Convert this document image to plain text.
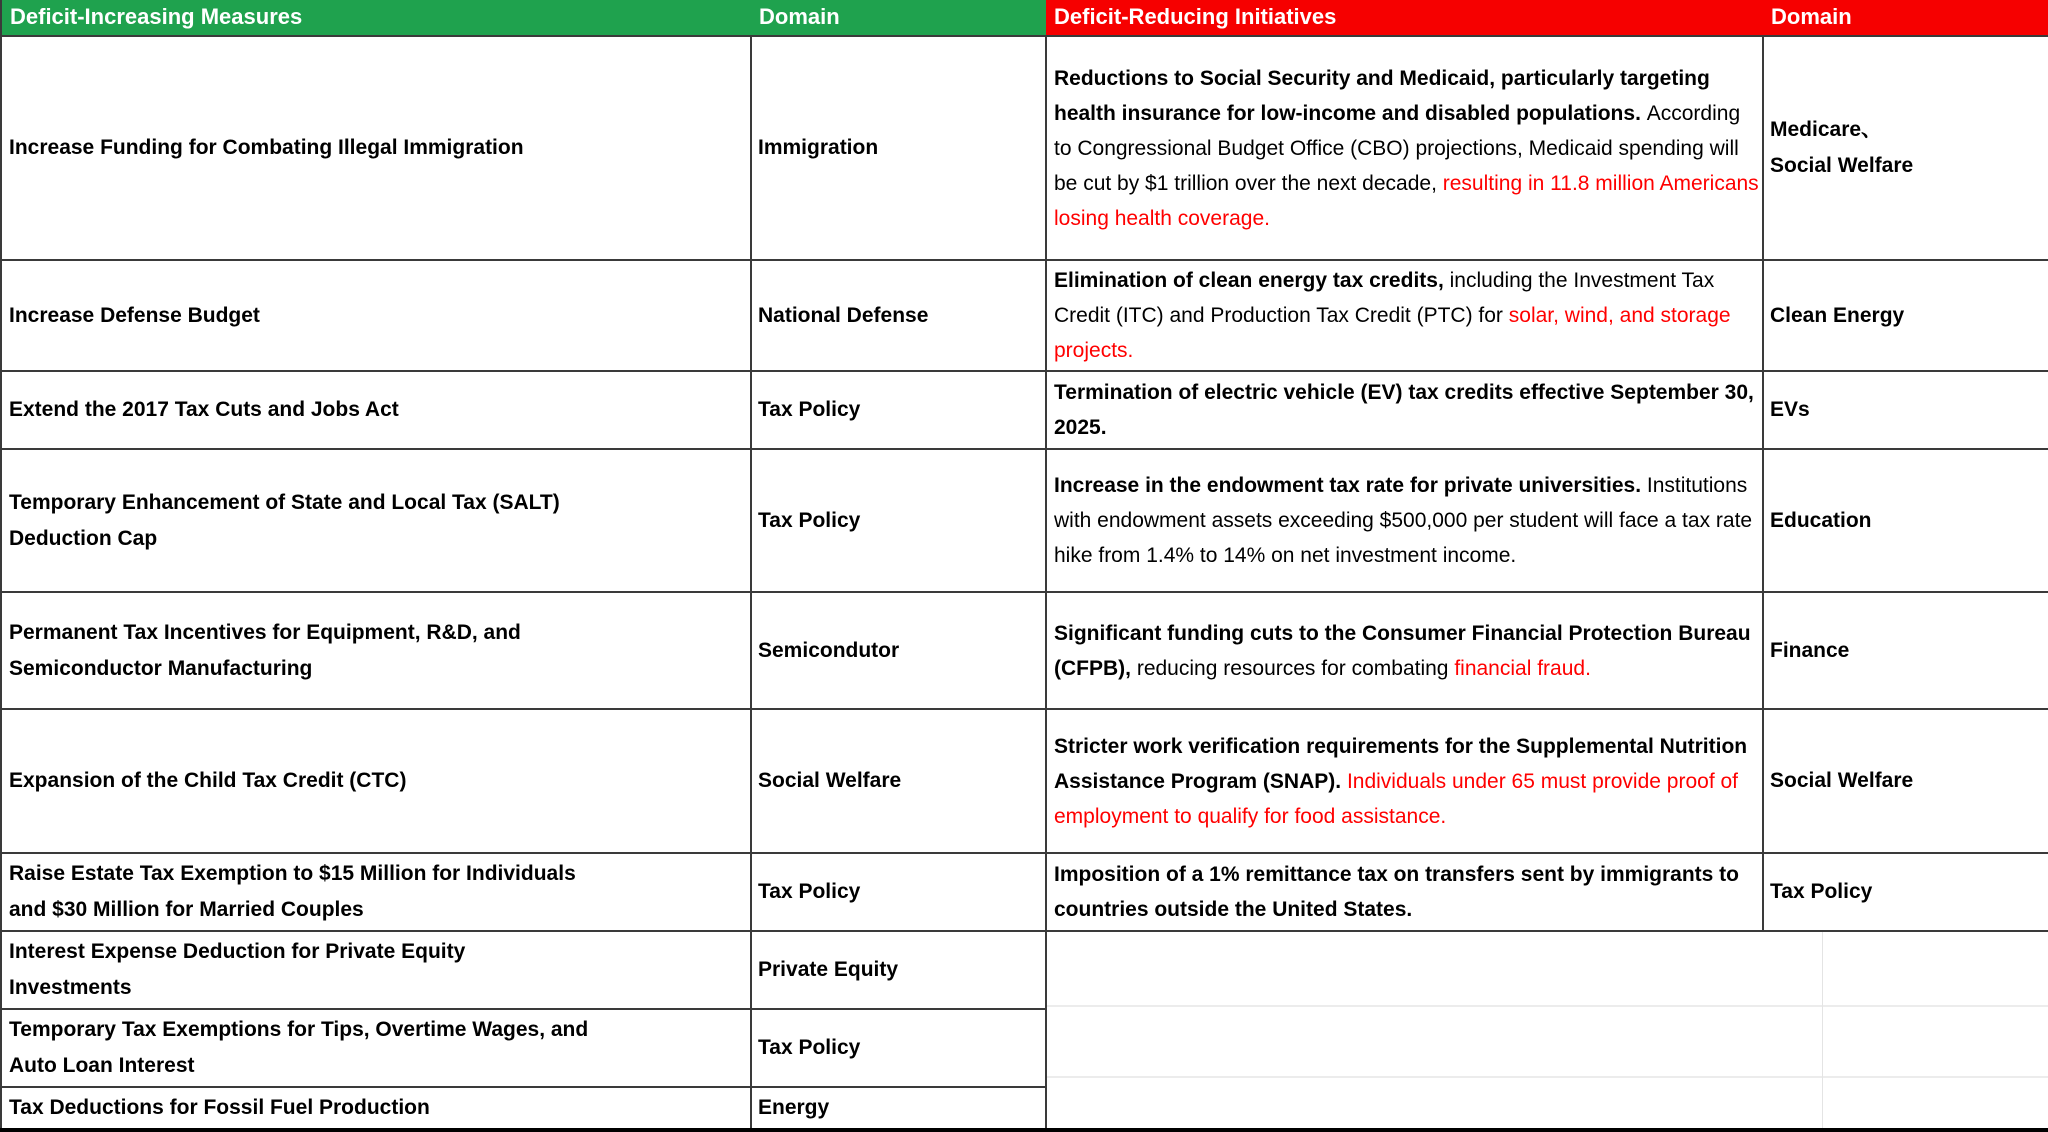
Deficit-Increasing Measures	Domain	Deficit-Reducing Initiatives	Domain
Increase Funding for Combating Illegal Immigration	Immigration	Reductions to Social Security and Medicaid, particularly targeting health insurance for low-income and disabled populations. According to Congressional Budget Office (CBO) projections, Medicaid spending will be cut by $1 trillion over the next decade, resulting in 11.8 million Americans losing health coverage.	Medicare、
Social Welfare

Increase Defense Budget	National Defense	Elimination of clean energy tax credits, including the Investment Tax Credit (ITC) and Production Tax Credit (PTC) for solar, wind, and storage projects.	Clean Energy

Extend the 2017 Tax Cuts and Jobs Act	Tax Policy	Termination of electric vehicle (EV) tax credits effective September 30, 2025.	EVs

Temporary Enhancement of State and Local Tax (SALT) Deduction Cap	Tax Policy	Increase in the endowment tax rate for private universities. Institutions with endowment assets exceeding $500,000 per student will face a tax rate hike from 1.4% to 14% on net investment income.	Education

Permanent Tax Incentives for Equipment, R&D, and Semiconductor Manufacturing	Semicondutor	Significant funding cuts to the Consumer Financial Protection Bureau (CFPB), reducing resources for combating financial fraud.	Finance

Expansion of the Child Tax Credit (CTC)	Social Welfare	Stricter work verification requirements for the Supplemental Nutrition Assistance Program (SNAP). Individuals under 65 must provide proof of employment to qualify for food assistance.	Social Welfare

Raise Estate Tax Exemption to $15 Million for Individuals and $30 Million for Married Couples	Tax Policy	Imposition of a 1% remittance tax on transfers sent by immigrants to countries outside the United States.	Tax Policy

Interest Expense Deduction for Private Equity Investments	Private Equity		

Temporary Tax Exemptions for Tips, Overtime Wages, and Auto Loan Interest	Tax Policy		
Tax Deductions for Fossil Fuel Production	Energy		
